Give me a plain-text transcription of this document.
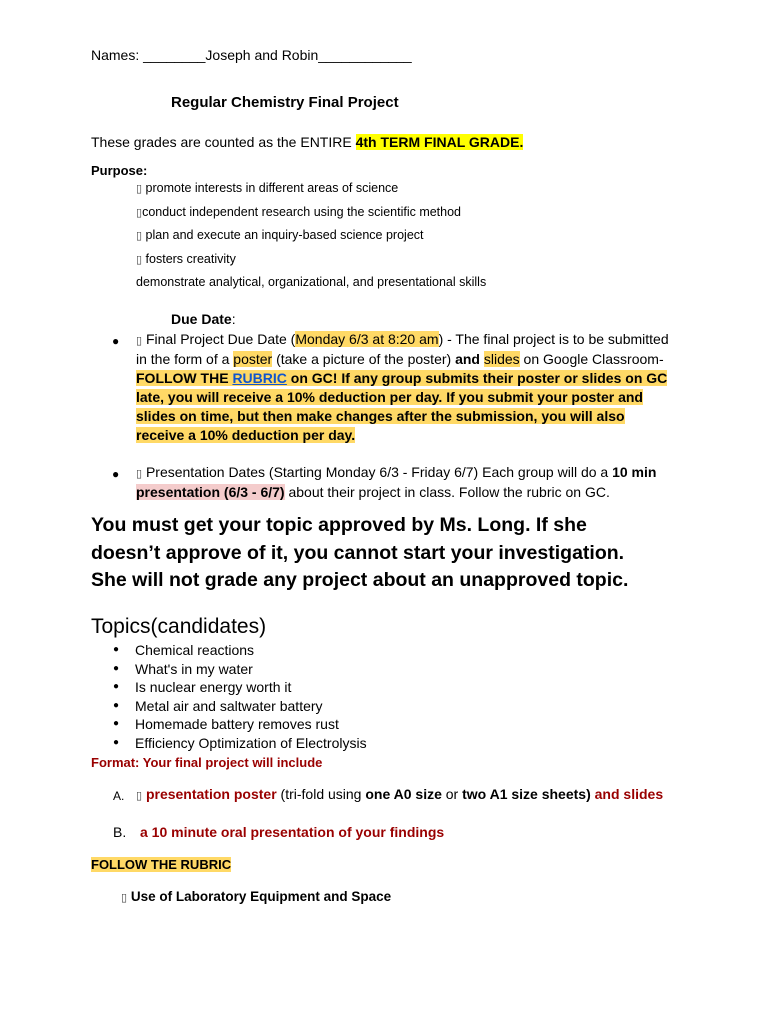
Names: ________Joseph and Robin____________
Regular Chemistry Final Project
These grades are counted as the ENTIRE 4th TERM FINAL GRADE.
Purpose:
▯ promote interests in different areas of science
▯conduct independent research using the scientific method
▯ plan and execute an inquiry-based science project
▯ fosters creativity
demonstrate analytical, organizational, and presentational skills
Due Date:
● ▯ Final Project Due Date (Monday 6/3 at 8:20 am) - The final project is to be submitted in the form of a poster (take a picture of the poster) and slides on Google Classroom-
FOLLOW THE RUBRIC on GC! If any group submits their poster or slides on GC late, you will receive a 10% deduction per day. If you submit your poster and slides on time, but then make changes after the submission, you will also receive a 10% deduction per day.
● ▯ Presentation Dates (Starting Monday 6/3 - Friday 6/7) Each group will do a 10 min
presentation (6/3 - 6/7) about their project in class. Follow the rubric on GC.
You must get your topic approved by Ms. Long. If she doesn’t approve of it, you cannot start your investigation. She will not grade any project about an unapproved topic.
Topics(candidates)
● Chemical reactions
● What's in my water
● Is nuclear energy worth it
● Metal air and saltwater battery
● Homemade battery removes rust
● Efficiency Optimization of Electrolysis
Format: Your final project will include
A. ▯ presentation poster (tri-fold using one A0 size or two A1 size sheets) and slides
B. a 10 minute oral presentation of your findings
FOLLOW THE RUBRIC
▯ Use of Laboratory Equipment and Space
